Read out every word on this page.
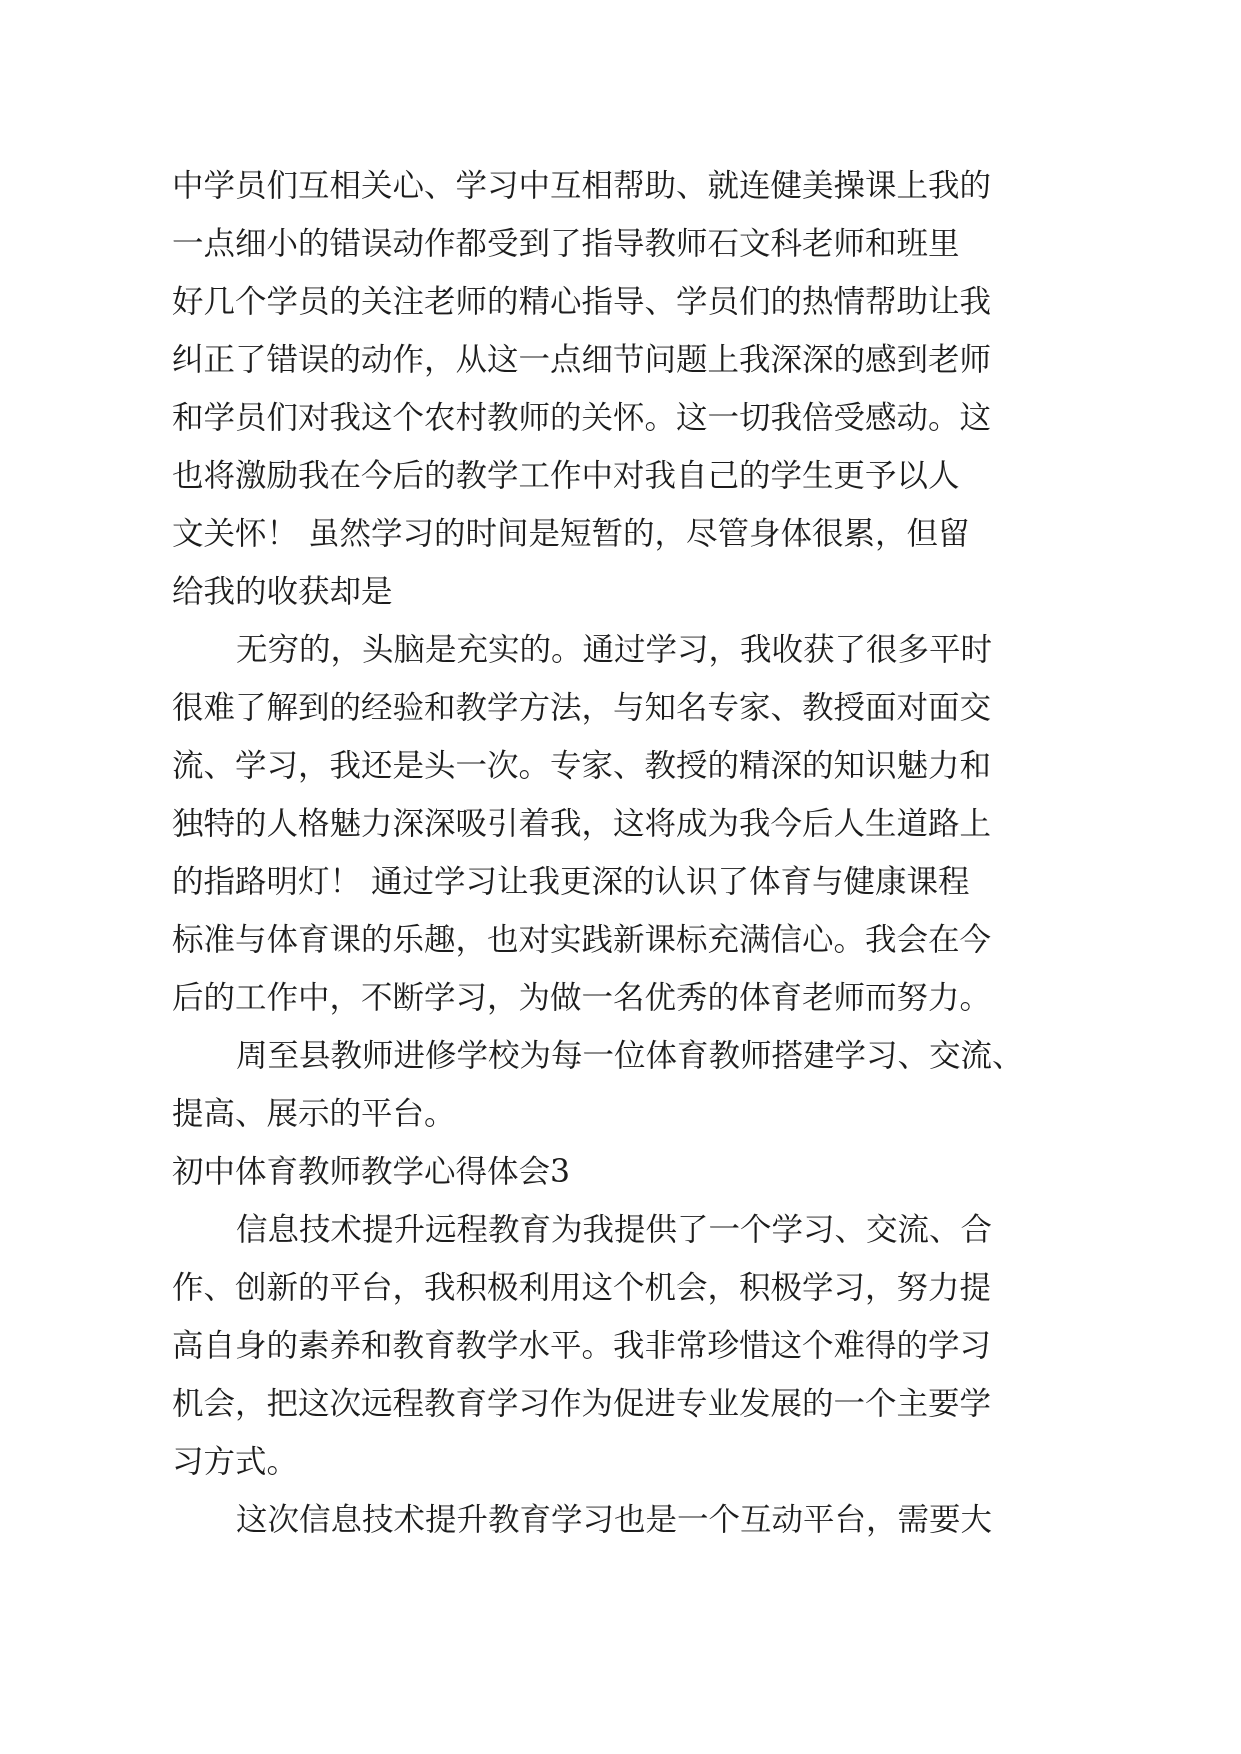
中学员们互相关心、学习中互相帮助、就连健美操课上我的
一点细小的错误动作都受到了指导教师石文科老师和班里
好几个学员的关注老师的精心指导、学员们的热情帮助让我
纠正了错误的动作，从这一点细节问题上我深深的感到老师
和学员们对我这个农村教师的关怀。这一切我倍受感动。这
也将激励我在今后的教学工作中对我自己的学生更予以人
文关怀！ 虽然学习的时间是短暂的，尽管身体很累，但留
给我的收获却是
无穷的，头脑是充实的。通过学习，我收获了很多平时
很难了解到的经验和教学方法，与知名专家、教授面对面交
流、学习，我还是头一次。专家、教授的精深的知识魅力和
独特的人格魅力深深吸引着我，这将成为我今后人生道路上
的指路明灯！ 通过学习让我更深的认识了体育与健康课程
标准与体育课的乐趣，也对实践新课标充满信心。我会在今
后的工作中，不断学习，为做一名优秀的体育老师而努力。
周至县教师进修学校为每一位体育教师搭建学习、交流、
提高、展示的平台。
初中体育教师教学心得体会3
信息技术提升远程教育为我提供了一个学习、交流、合
作、创新的平台，我积极利用这个机会，积极学习，努力提
高自身的素养和教育教学水平。我非常珍惜这个难得的学习
机会，把这次远程教育学习作为促进专业发展的一个主要学
习方式。
这次信息技术提升教育学习也是一个互动平台，需要大
